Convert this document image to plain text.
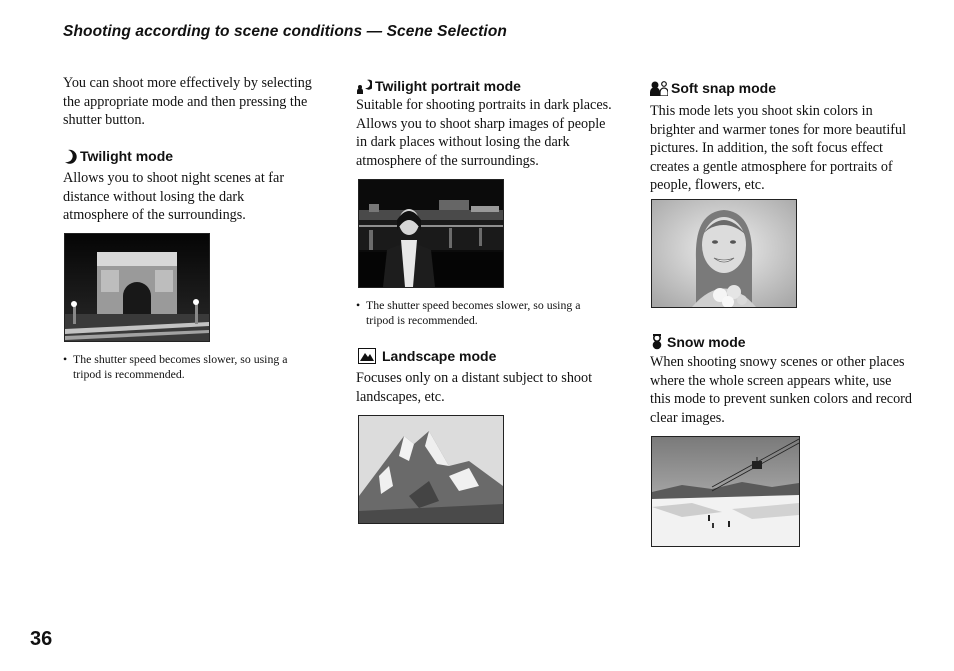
Shooting according to scene conditions — Scene Selection

You can shoot more effectively by selecting the appropriate mode and then pressing the shutter button.

Twilight mode

Allows you to shoot night scenes at far distance without losing the dark atmosphere of the surroundings.

• The shutter speed becomes slower, so using a tripod is recommended.
Twilight portrait mode

Suitable for shooting portraits in dark places. Allows you to shoot sharp images of people in dark places without losing the dark atmosphere of the surroundings.

• The shutter speed becomes slower, so using a tripod is recommended.
Landscape mode

Focuses only on a distant subject to shoot landscapes, etc.

Soft snap mode

This mode lets you shoot skin colors in brighter and warmer tones for more beautiful pictures. In addition, the soft focus effect creates a gentle atmosphere for portraits of people, flowers, etc.

Snow mode

When shooting snowy scenes or other places where the whole screen appears white, use this mode to prevent sunken colors and record clear images.

36
